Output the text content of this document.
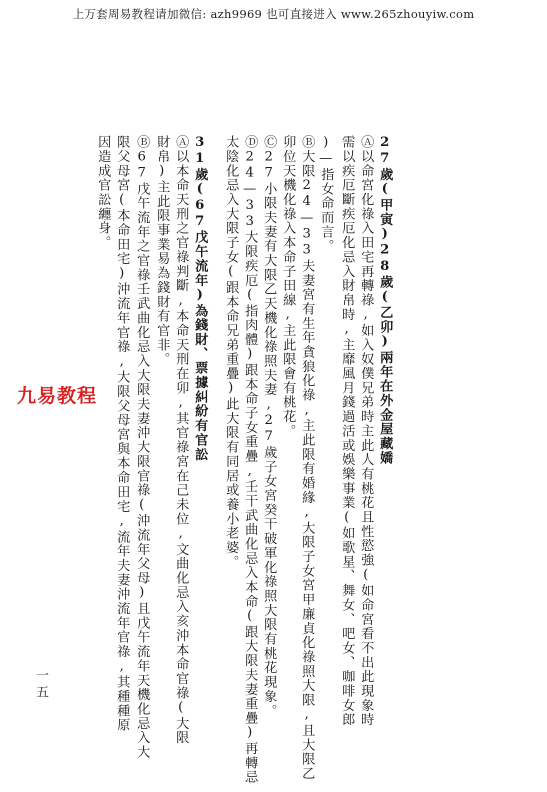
上万套周易教程请加微信: azh9969 也可直接进入 www.265zhouyiw.com
27歲(甲寅)28歲(乙卯)兩年在外金屋藏嬌
Ⓐ以命宮化祿入田宅再轉祿,如入奴僕兄弟時主此人有桃花且性慾強(如命宮看不出此現象時
需以疾厄斷疾厄化忌入財帛時,主靡風月錢過活或娛樂事業(如歌星、舞女、吧女、咖啡女郎
)—指女命而言。
Ⓑ大限24—33夫妻宮有生年貪狼化祿,主此限有婚緣,大限子女宮甲廉貞化祿照大限,且大限乙
卯位天機化祿入本命子田線,主此限會有桃花。
Ⓒ27小限夫妻有大限乙天機化祿照夫妻,27歲子女宮癸干破軍化祿照大限有桃花現象。
Ⓓ24—33大限疾厄(指肉體)跟本命子女重疊,壬干武曲化忌入本命(跟大限夫妻重疊)再轉忌
太陰化忌入大限子女(跟本命兄弟重疊)此大限有同居或養小老婆。
31歲(67戊午流年)為錢財、票據糾紛有官訟
Ⓐ以本命天刑之官祿判斷,本命天刑在卯,其官祿宮在己未位,文曲化忌入亥沖本命官祿(大限
財帛)主此限事業易為錢財有官非。
Ⓑ67戊午流年之官祿壬武曲化忌入大限夫妻沖大限官祿(沖流年父母)且戊午流年天機化忌入大
限父母宮(本命田宅)沖流年官祿,大限父母宮與本命田宅,流年夫妻沖流年官祿,其種種原
因造成官訟纏身。
九易教程
一五
